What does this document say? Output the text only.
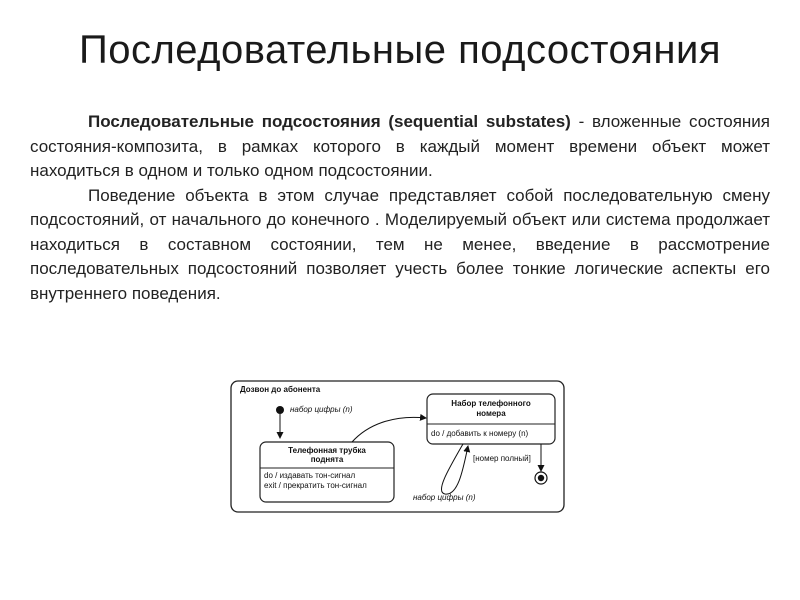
Последовательные подсостояния

Последовательные подсостояния (sequential substates) - вложенные состояния состояния-композита, в рамках которого в каждый момент времени объект может находиться в одном и только одном подсостоянии.

Поведение объекта в этом случае представляет собой последовательную смену подсостояний, от начального до конечного . Моделируемый объект или система продолжает находиться в составном состоянии, тем не менее, введение в рассмотрение последовательных подсостояний позволяет учесть более тонкие логические аспекты его внутреннего поведения.

Дозвон до абонента
набор цифры (n)
Телефонная трубка
поднята
do / издавать тон-сигнал
exit / прекратить тон-сигнал
Набор телефонного
номера
do / добавить к номеру (n)
[номер полный]
набор цифры (n)
